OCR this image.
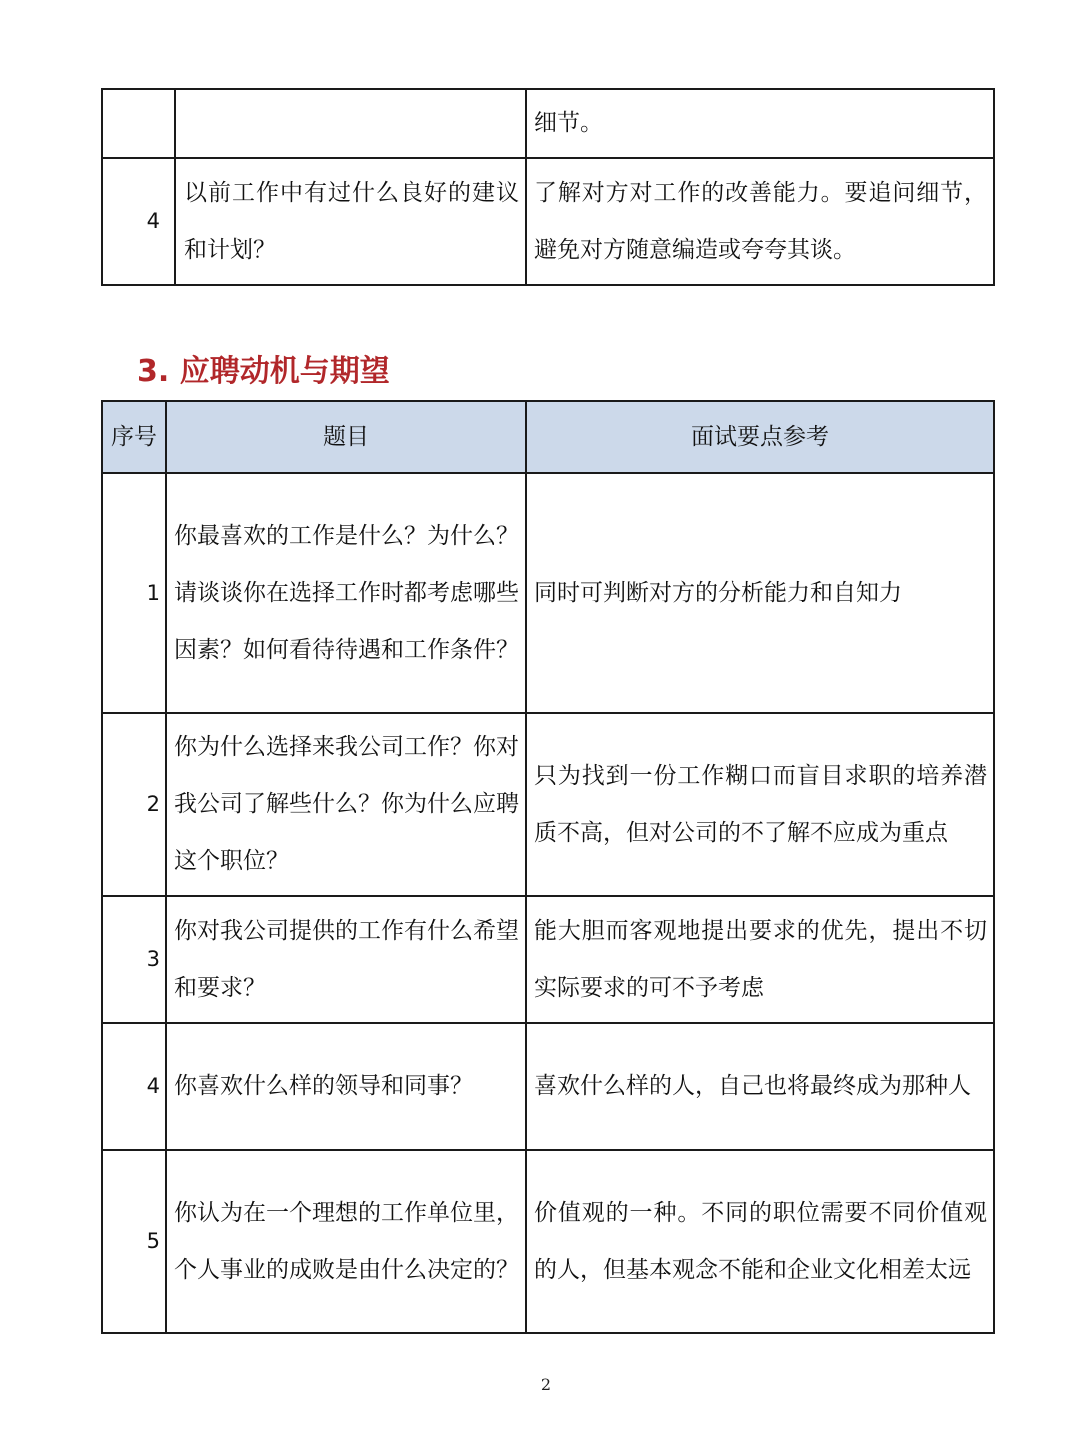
		细节。
4	以前工作中有过什么良好的建议和计划？	了解对方对工作的改善能力。要追问细节，避免对方随意编造或夸夸其谈。
3. 应聘动机与期望
序号	题目	面试要点参考
1	你最喜欢的工作是什么？为什么？请谈谈你在选择工作时都考虑哪些因素？如何看待待遇和工作条件？	同时可判断对方的分析能力和自知力
2	你为什么选择来我公司工作？你对我公司了解些什么？你为什么应聘这个职位？	只为找到一份工作糊口而盲目求职的培养潜质不高，但对公司的不了解不应成为重点
3	你对我公司提供的工作有什么希望和要求？	能大胆而客观地提出要求的优先，提出不切实际要求的可不予考虑
4	你喜欢什么样的领导和同事？	喜欢什么样的人，自己也将最终成为那种人
5	你认为在一个理想的工作单位里，个人事业的成败是由什么决定的？	价值观的一种。不同的职位需要不同价值观的人，但基本观念不能和企业文化相差太远
2
